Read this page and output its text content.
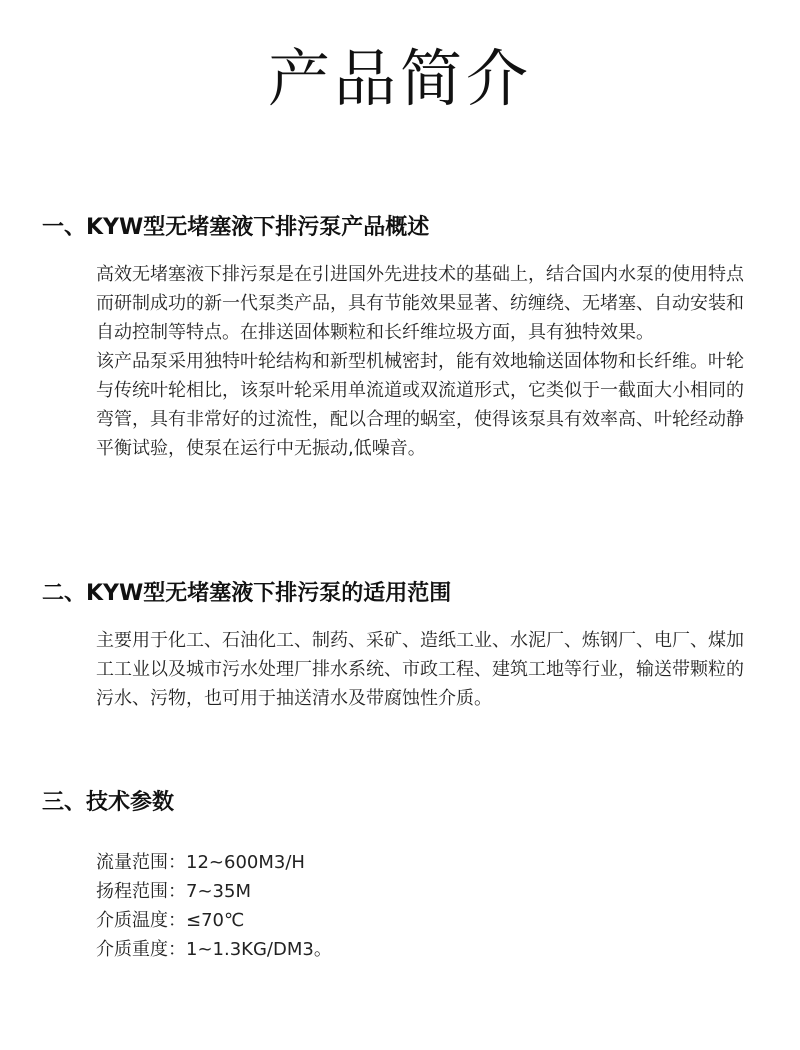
产品简介
一、KYW型无堵塞液下排污泵产品概述

高效无堵塞液下排污泵是在引进国外先进技术的基础上，结合国内水泵的使用特点而研制成功的新一代泵类产品，具有节能效果显著、纺缠绕、无堵塞、自动安装和自动控制等特点。在排送固体颗粒和长纤维垃圾方面，具有独特效果。

该产品泵采用独特叶轮结构和新型机械密封，能有效地输送固体物和长纤维。叶轮与传统叶轮相比，该泵叶轮采用单流道或双流道形式，它类似于一截面大小相同的弯管，具有非常好的过流性，配以合理的蜗室，使得该泵具有效率高、叶轮经动静平衡试验，使泵在运行中无振动,低噪音。

二、KYW型无堵塞液下排污泵的适用范围

主要用于化工、石油化工、制药、采矿、造纸工业、水泥厂、炼钢厂、电厂、煤加工工业以及城市污水处理厂排水系统、市政工程、建筑工地等行业，输送带颗粒的污水、污物，也可用于抽送清水及带腐蚀性介质。

三、技术参数
流量范围：12~600M3/H
扬程范围：7~35M
介质温度：≤70℃
介质重度：1~1.3KG/DM3。
